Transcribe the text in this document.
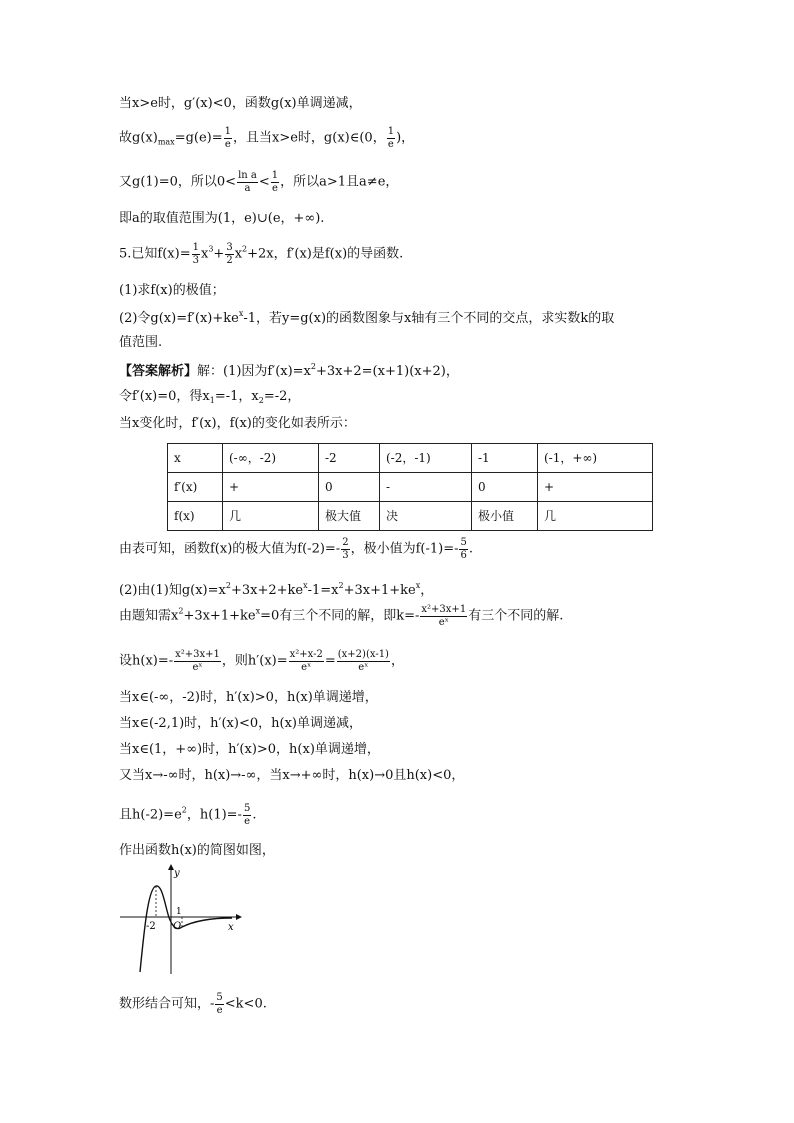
当x>e时，g′(x)<0，函数g(x)单调递减，
故$g(x)_{max}=g(e)= \frac{1}{e}$ ，且当x>e时，g(x)∈(0， $\frac{1}{e}$ )，
又g(1)=0，所以$0< \frac{\text{ln a}}{a} < \frac{1}{e}$ ，所以a>1且a≠e，
即a的取值范围为(1，e)∪(e，+∞).
5.已知$f(x)= \frac{1}{3} x^3+ \frac{3}{2} x^2+2x$，f′(x)是f(x)的导函数.
(1)求f(x)的极值；
(2)令$g(x)=f'(x)+ke^x-1$，若y=g(x)的函数图象与x轴有三个不同的交点，求实数k的取
值范围.
【答案解析】解：(1)因为$f'(x)=x^2+3x+2=(x+1)(x+2)$，
令f′(x)=0，得$x_1=-1$，$x_2=-2$，
当x变化时，f′(x)，f(x)的变化如表所示：
x	(-∞，-2)	-2	(-2，-1)	-1	(-1，+∞)
f′(x)	+	0	-	0	+
f(x)	几	极大值	决	极小值	几
由表可知，函数f(x)的极大值为$f(-2)=- \frac{2}{3}$ ，极小值为$f(-1)=- \frac{5}{6}$ .
(2)由(1)知$g(x)=x^2+3x+2+ke^x-1=x^2+3x+1+ke^x$，
由题知需$x^2+3x+1+ke^x=0$有三个不同的解，即$k=- \frac{\text{x²+3x+1}}{\text{eˣ}}$ 有三个不同的解.
设$h(x)=- \frac{\text{x²+3x+1}}{\text{eˣ}}$ ，则$h'(x)= \frac{\text{x²+x-2}}{\text{eˣ}} = \frac{(x+2)(x-1)}{\text{eˣ}}$ ，
当x∈(-∞，-2)时，h′(x)>0，h(x)单调递增，
当x∈(-2,1)时，h′(x)<0，h(x)单调递减，
当x∈(1，+∞)时，h′(x)>0，h(x)单调递增，
又当x→-∞时，h(x)→-∞，当x→+∞时，h(x)→0且h(x)<0，
且$h(-2)=e^2$，$h(1)=- \frac{5}{e}$ .
作出函数h(x)的简图如图，
y
x
O
1
-2
数形结合可知，- $\frac{5}{e} <k<0$.
